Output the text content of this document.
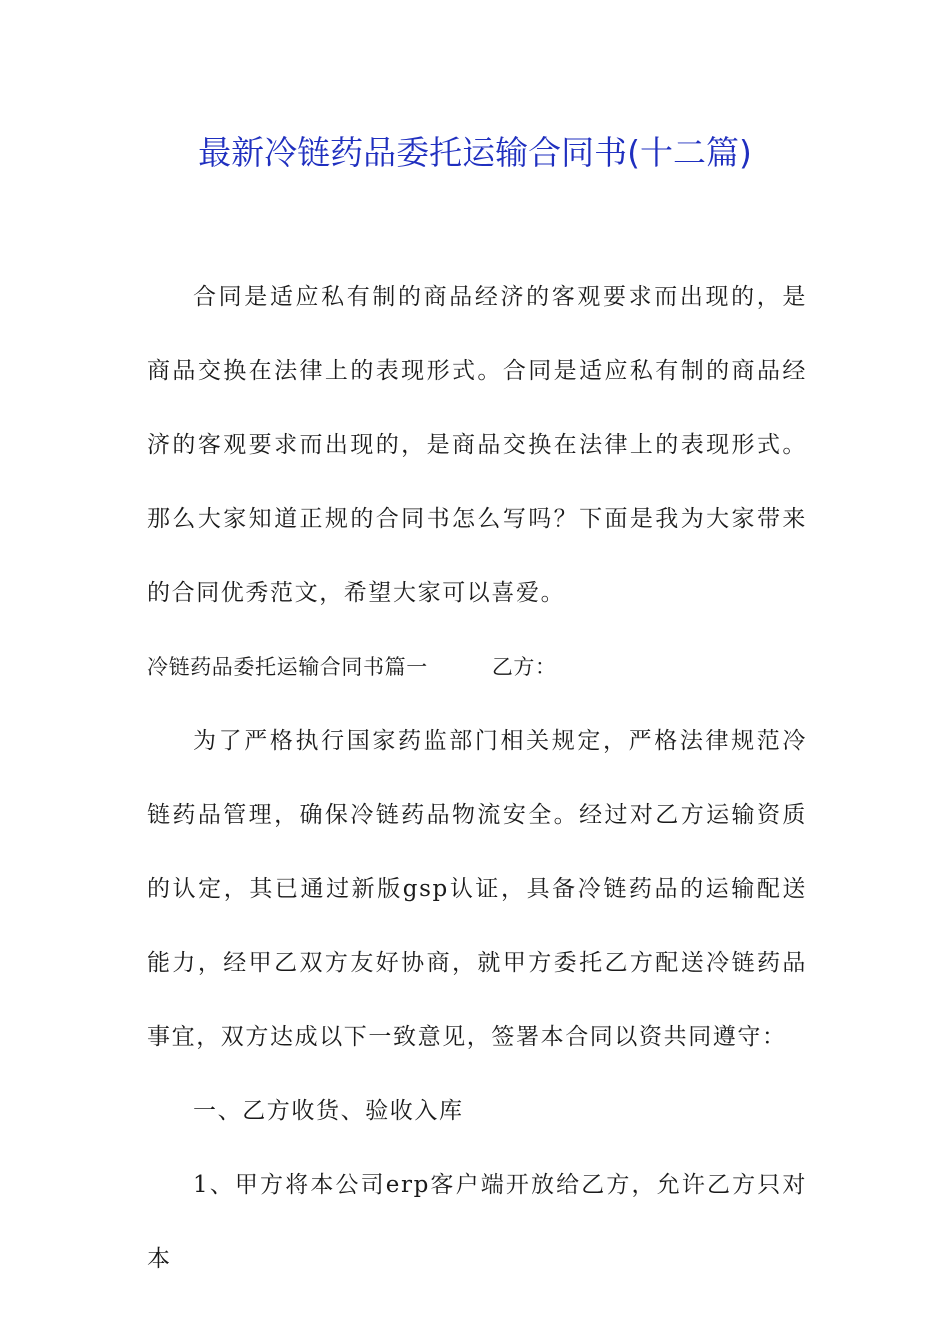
最新冷链药品委托运输合同书(十二篇)

合同是适应私有制的商品经济的客观要求而出现的，是商品交换在法律上的表现形式。合同是适应私有制的商品经济的客观要求而出现的，是商品交换在法律上的表现形式。那么大家知道正规的合同书怎么写吗？下面是我为大家带来的合同优秀范文，希望大家可以喜爱。

冷链药品委托运输合同书篇一	乙方：

为了严格执行国家药监部门相关规定，严格法律规范冷链药品管理，确保冷链药品物流安全。经过对乙方运输资质的认定，其已通过新版gsp认证，具备冷链药品的运输配送能力，经甲乙双方友好协商，就甲方委托乙方配送冷链药品事宜，双方达成以下一致意见，签署本合同以资共同遵守：

一、乙方收货、验收入库

1、甲方将本公司erp客户端开放给乙方，允许乙方只对本
